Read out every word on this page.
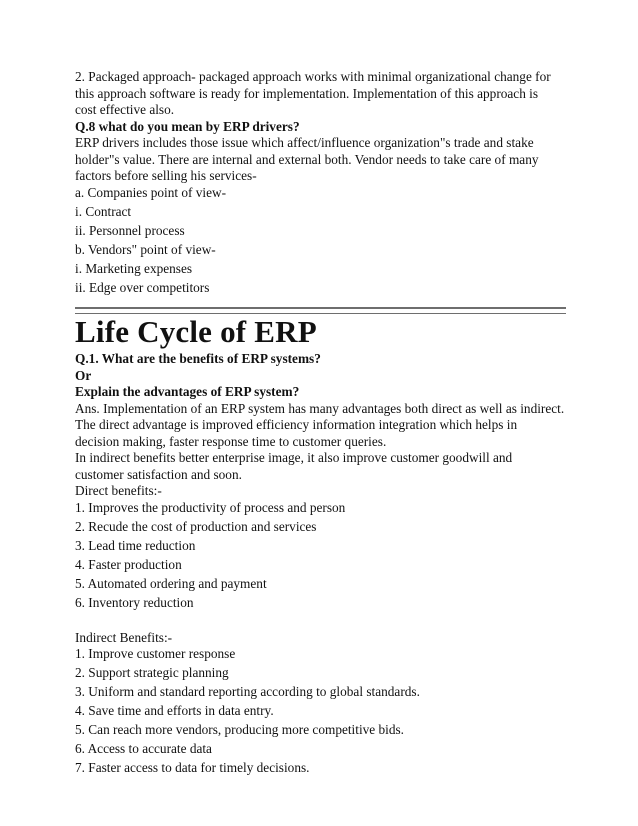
2. Packaged approach- packaged approach works with minimal organizational change for

this approach software is ready for implementation. Implementation of this approach is

cost effective also.

Q.8 what do you mean by ERP drivers?

ERP drivers includes those issue which affect/influence organization"s trade and stake

holder"s value. There are internal and external both. Vendor needs to take care of many

factors before selling his services-

a. Companies point of view-

i. Contract

ii. Personnel process

b. Vendors" point of view-

i. Marketing expenses

ii. Edge over competitors

Life Cycle of ERP

Q.1. What are the benefits of ERP systems?

Or

Explain the advantages of ERP system?

Ans. Implementation of an ERP system has many advantages both direct as well as indirect.

The direct advantage is improved efficiency information integration which helps in

decision making, faster response time to customer queries.

In indirect benefits better enterprise image, it also improve customer goodwill and

customer satisfaction and soon.

Direct benefits:-

1. Improves the productivity of process and person

2. Recude the cost of production and services

3. Lead time reduction

4. Faster production

5. Automated ordering and payment

6. Inventory reduction

Indirect Benefits:-

1. Improve customer response

2. Support strategic planning

3. Uniform and standard reporting according to global standards.

4. Save time and efforts in data entry.

5. Can reach more vendors, producing more competitive bids.

6. Access to accurate data

7. Faster access to data for timely decisions.
